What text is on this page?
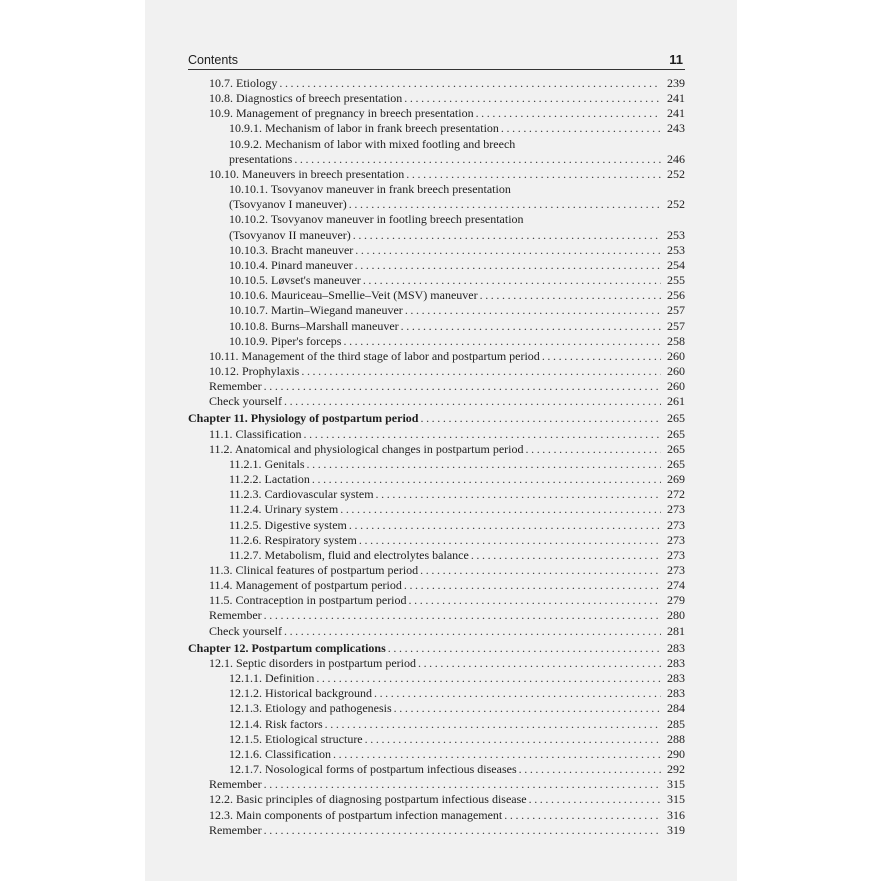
Contents	11
10.7. Etiology . . .	239
10.8. Diagnostics of breech presentation . . .	241
10.9. Management of pregnancy in breech presentation . . .	241
10.9.1. Mechanism of labor in frank breech presentation . . .	243
10.9.2. Mechanism of labor with mixed footling and breech
presentations . . .	246
10.10. Maneuvers in breech presentation . . .	252
10.10.1. Tsovyanov maneuver in frank breech presentation
(Tsovyanov I maneuver) . . .	252
10.10.2. Tsovyanov maneuver in footling breech presentation
(Tsovyanov II maneuver) . . .	253
10.10.3. Bracht maneuver . . .	253
10.10.4. Pinard maneuver . . .	254
10.10.5. Løvset's maneuver . . .	255
10.10.6. Mauriceau–Smellie–Veit (MSV) maneuver . . .	256
10.10.7. Martin–Wiegand maneuver . . .	257
10.10.8. Burns–Marshall maneuver . . .	257
10.10.9. Piper's forceps . . .	258
10.11. Management of the third stage of labor and postpartum period . . .	260
10.12. Prophylaxis . . .	260
Remember . . .	260
Check yourself . . .	261
Chapter 11. Physiology of postpartum period . . .	265
11.1. Classification . . .	265
11.2. Anatomical and physiological changes in postpartum period . . .	265
11.2.1. Genitals . . .	265
11.2.2. Lactation . . .	269
11.2.3. Cardiovascular system . . .	272
11.2.4. Urinary system . . .	273
11.2.5. Digestive system . . .	273
11.2.6. Respiratory system . . .	273
11.2.7. Metabolism, fluid and electrolytes balance . . .	273
11.3. Clinical features of postpartum period . . .	273
11.4. Management of postpartum period . . .	274
11.5. Contraception in postpartum period . . .	279
Remember . . .	280
Check yourself . . .	281
Chapter 12. Postpartum complications . . .	283
12.1. Septic disorders in postpartum period . . .	283
12.1.1. Definition . . .	283
12.1.2. Historical background . . .	283
12.1.3. Etiology and pathogenesis . . .	284
12.1.4. Risk factors . . .	285
12.1.5. Etiological structure . . .	288
12.1.6. Classification . . .	290
12.1.7. Nosological forms of postpartum infectious diseases . . .	292
Remember . . .	315
12.2. Basic principles of diagnosing postpartum infectious disease . . .	315
12.3. Main components of postpartum infection management . . .	316
Remember . . .	319
